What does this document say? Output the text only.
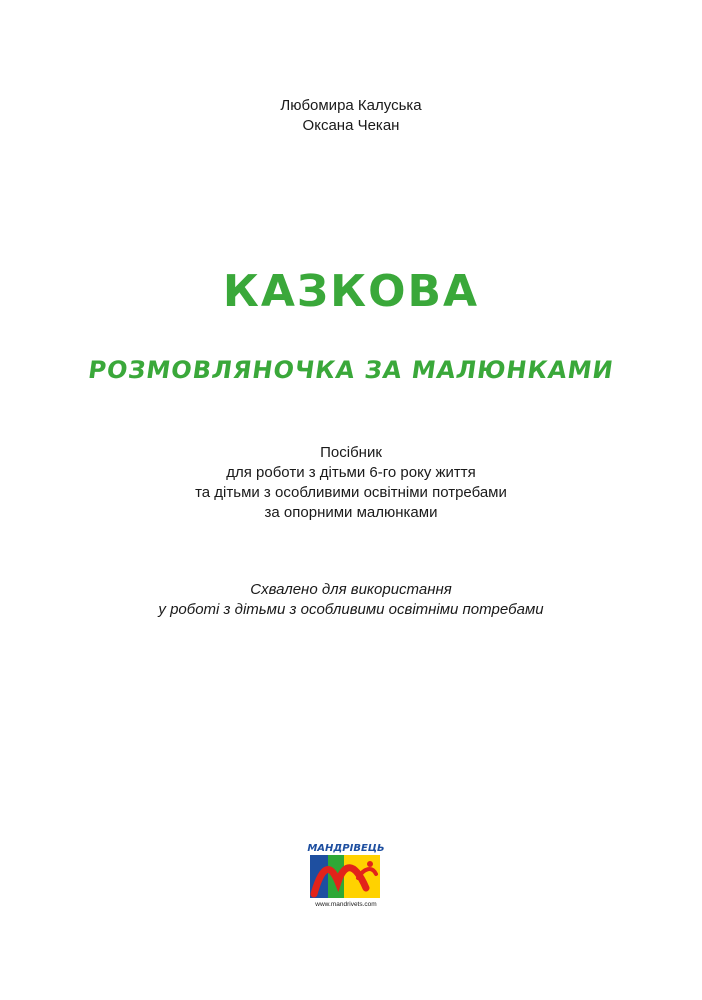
Любомира Калуська
Оксана Чекан
КАЗКОВА
РОЗМОВЛЯНОЧКА ЗА МАЛЮНКАМИ
Посібник
для роботи з дітьми 6-го року життя
та дітьми з особливими освітніми потребами
за опорними малюнками
Схвалено для використання
у роботі з дітьми з особливими освітніми потребами
МАНДРІВЕЦЬ
www.mandrivets.com
